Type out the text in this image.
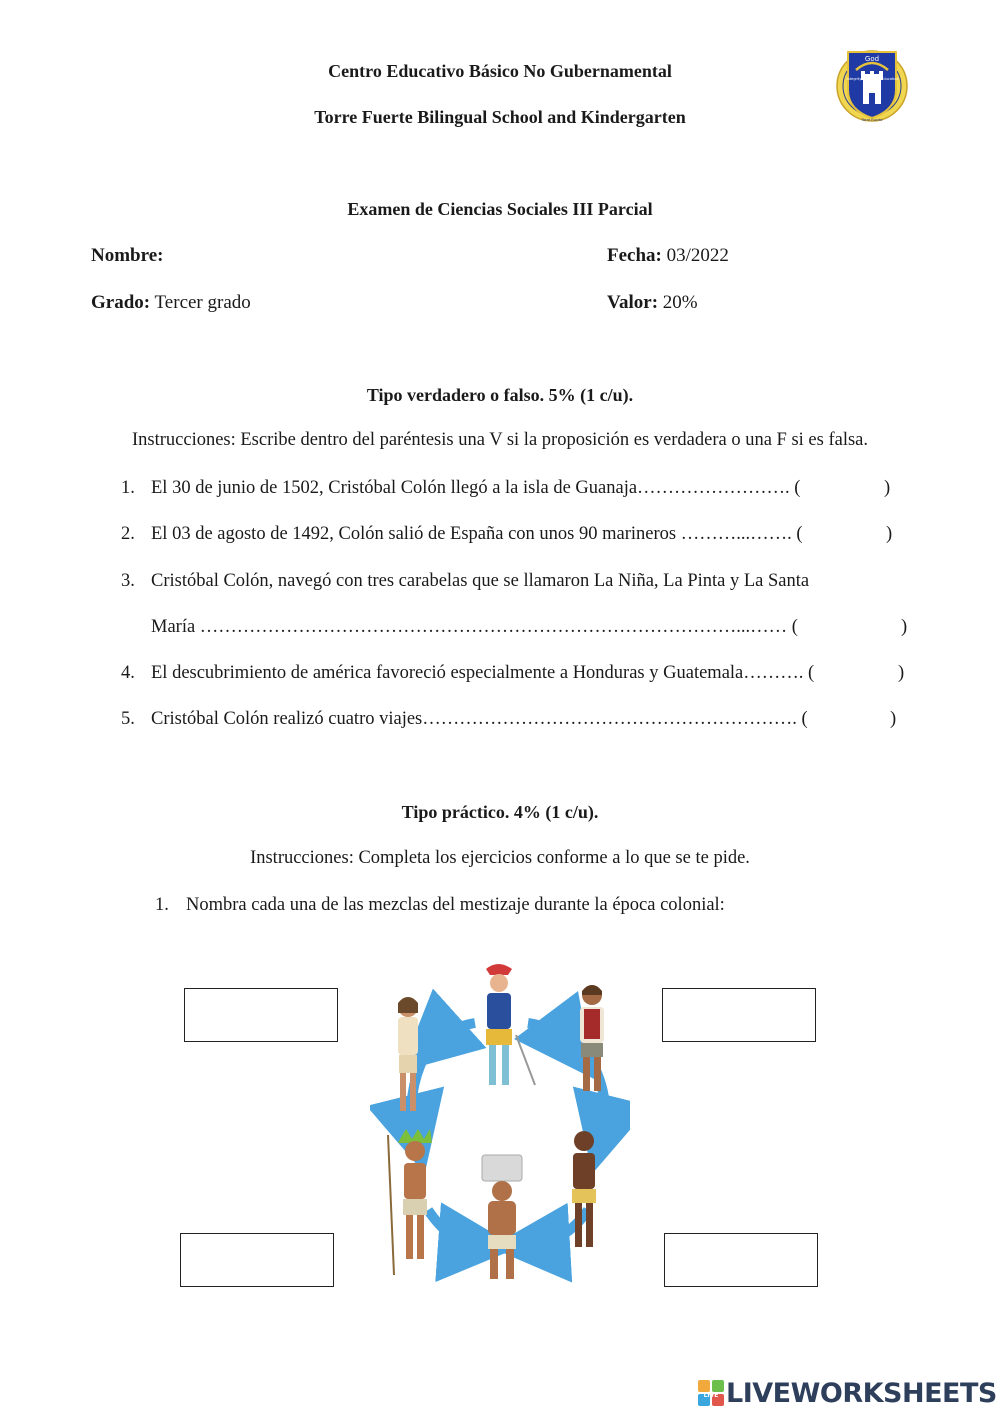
Centro Educativo Básico No Gubernamental
Torre Fuerte Bilingual School and Kindergarten
God
Integrity	Education
Torre Fuerte
Examen de Ciencias Sociales III Parcial
Nombre:	Fecha: 03/2022
Grado: Tercer grado	Valor: 20%
Tipo verdadero o falso. 5% (1 c/u).
Instrucciones: Escribe dentro del paréntesis una V si la proposición es verdadera o una F si es falsa.
1. El 30 de junio de 1502, Cristóbal Colón llegó a la isla de Guanaja……………………. (	)
2. El 03 de agosto de 1492, Colón salió de España con unos 90 marineros ………...……. (	)
3. Cristóbal Colón, navegó con tres carabelas que se llamaron La Niña, La Pinta y La Santa
María ……………………………………………………………………………...…… (	)
4. El descubrimiento de américa favoreció especialmente a Honduras y Guatemala………. (	)
5. Cristóbal Colón realizó cuatro viajes……………………………………………………. (	)
Tipo práctico. 4% (1 c/u).
Instrucciones: Completa los ejercicios conforme a lo que se te pide.
1. Nombra cada una de las mezclas del mestizaje durante la época colonial:
LIVE LIVEWORKSHEETS
